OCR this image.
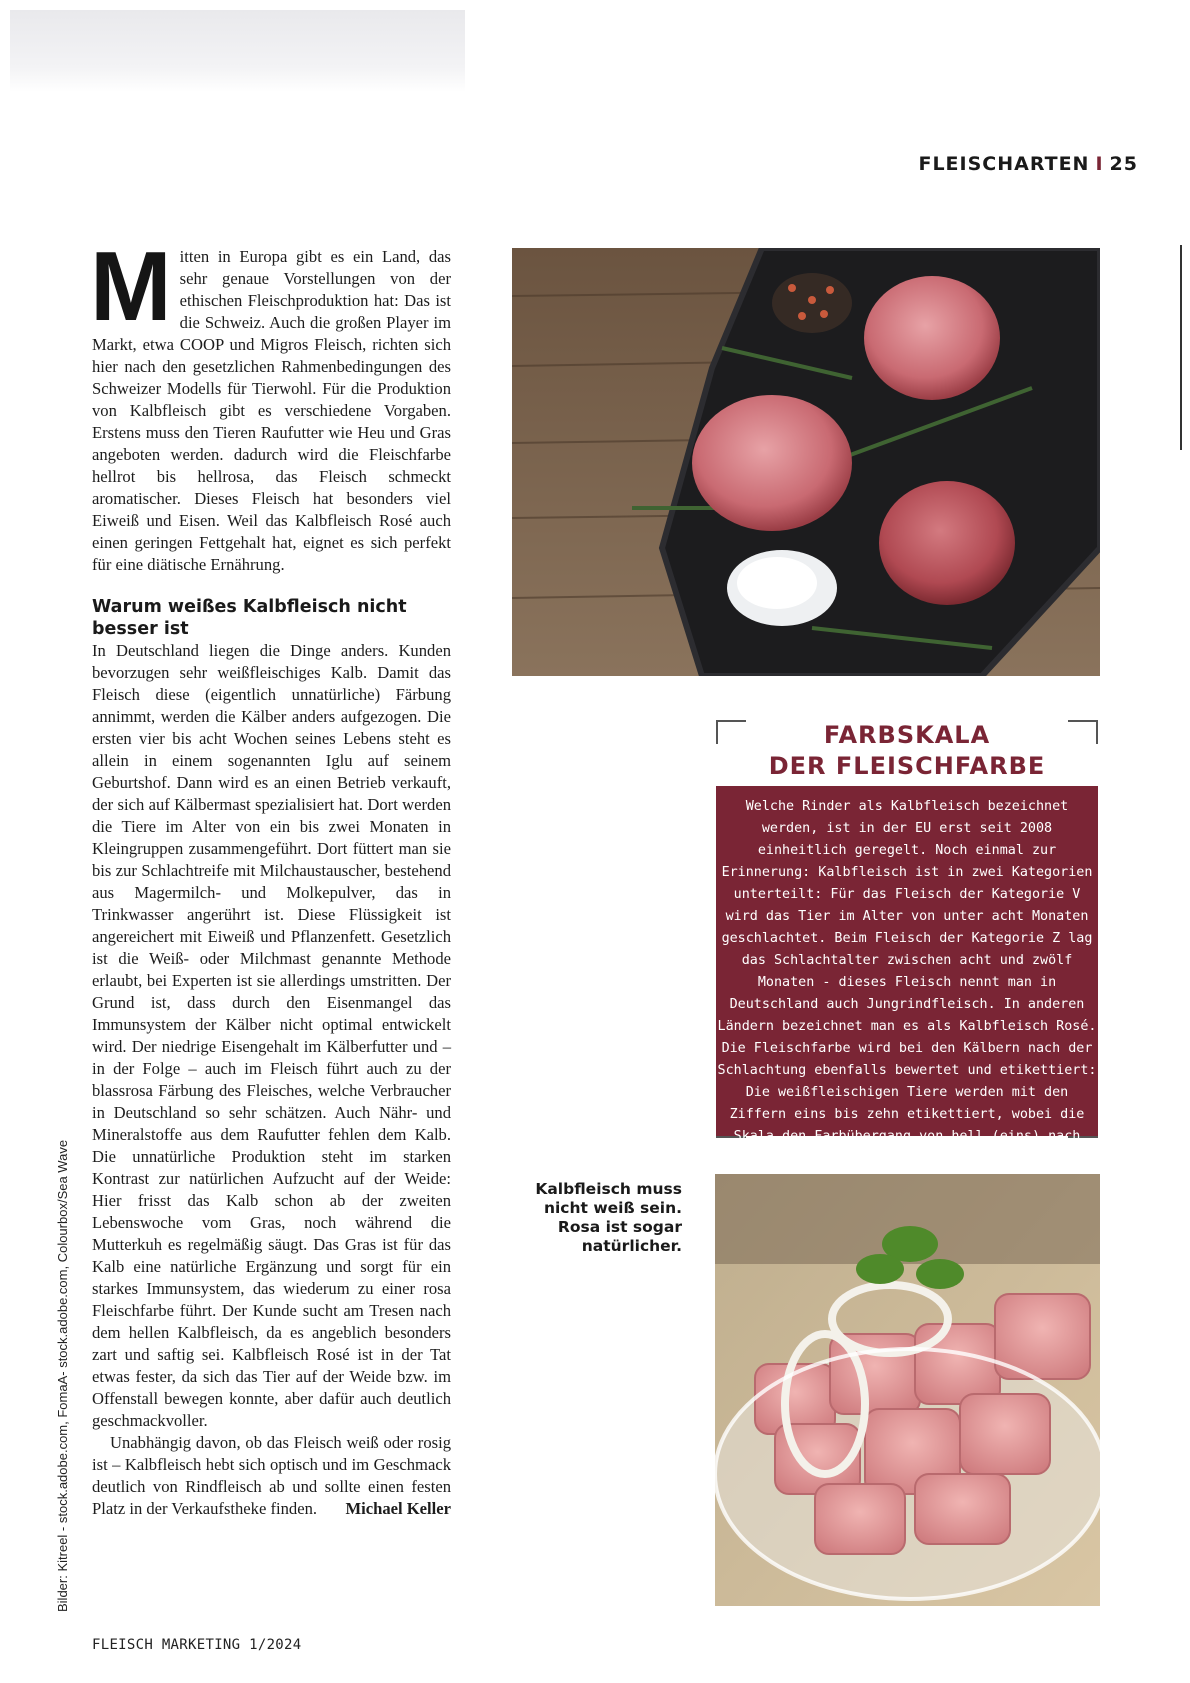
FLEISCHARTEN I 25

Mitten in Europa gibt es ein Land, das sehr genaue Vorstellungen von der ethischen Fleischproduktion hat: Das ist die Schweiz. Auch die großen Player im Markt, etwa COOP und Migros Fleisch, richten sich hier nach den gesetzlichen Rahmenbedingungen des Schweizer Modells für Tierwohl. Für die Produktion von Kalbfleisch gibt es verschiedene Vorgaben. Erstens muss den Tieren Raufutter wie Heu und Gras angeboten werden. dadurch wird die Fleischfarbe hellrot bis hellrosa, das Fleisch schmeckt aromatischer. Dieses Fleisch hat besonders viel Eiweiß und Eisen. Weil das Kalbfleisch Rosé auch einen geringen Fettgehalt hat, eignet es sich perfekt für eine diätische Ernährung.

Warum weißes Kalbfleisch nicht besser ist

In Deutschland liegen die Dinge anders. Kunden bevorzugen sehr weißfleischiges Kalb. Damit das Fleisch diese (eigentlich unnatürliche) Färbung annimmt, werden die Kälber anders aufgezogen. Die ersten vier bis acht Wochen seines Lebens steht es allein in einem sogenannten Iglu auf seinem Geburtshof. Dann wird es an einen Betrieb verkauft, der sich auf Kälbermast spezialisiert hat. Dort werden die Tiere im Alter von ein bis zwei Monaten in Kleingruppen zusammengeführt. Dort füttert man sie bis zur Schlachtreife mit Milchaustauscher, bestehend aus Magermilch- und Molkepulver, das in Trinkwasser angerührt ist. Diese Flüssigkeit ist angereichert mit Eiweiß und Pflanzenfett. Gesetzlich ist die Weiß- oder Milchmast genannte Methode erlaubt, bei Experten ist sie allerdings umstritten. Der Grund ist, dass durch den Eisenmangel das Immunsystem der Kälber nicht optimal entwickelt wird. Der niedrige Eisengehalt im Kälberfutter und – in der Folge – auch im Fleisch führt auch zu der blassrosa Färbung des Fleisches, welche Verbraucher in Deutschland so sehr schätzen. Auch Nähr- und Mineralstoffe aus dem Raufutter fehlen dem Kalb. Die unnatürliche Produktion steht im starken Kontrast zur natürlichen Aufzucht auf der Weide: Hier frisst das Kalb schon ab der zweiten Lebenswoche vom Gras, noch während die Mutterkuh es regelmäßig säugt. Das Gras ist für das Kalb eine natürliche Ergänzung und sorgt für ein starkes Immunsystem, das wiederum zu einer rosa Fleischfarbe führt. Der Kunde sucht am Tresen nach dem hellen Kalbfleisch, da es angeblich besonders zart und saftig sei. Kalbfleisch Rosé ist in der Tat etwas fester, da sich das Tier auf der Weide bzw. im Offenstall bewegen konnte, aber dafür auch deutlich geschmackvoller.

Unabhängig davon, ob das Fleisch weiß oder rosig ist – Kalbfleisch hebt sich optisch und im Geschmack deutlich von Rindfleisch ab und sollte einen festen Platz in der Verkaufstheke finden.	Michael Keller

FARBSKALA
DER FLEISCHFARBE
Welche Rinder als Kalbfleisch bezeichnet werden, ist in der EU erst seit 2008 einheitlich geregelt. Noch einmal zur Erinnerung: Kalbfleisch ist in zwei Kategorien unterteilt: Für das Fleisch der Kategorie V wird das Tier im Alter von unter acht Monaten geschlachtet. Beim Fleisch der Kategorie Z lag das Schlachtalter zwischen acht und zwölf Monaten - dieses Fleisch nennt man in Deutschland auch Jungrindfleisch. In anderen Ländern bezeichnet man es als Kalbfleisch Rosé. Die Fleischfarbe wird bei den Kälbern nach der Schlachtung ebenfalls bewertet und etikettiert: Die weißfleischigen Tiere werden mit den Ziffern eins bis zehn etikettiert, wobei die Skala den Farbübergang von hell (eins) nach dunkel (zehn) markiert. Das Jungrindfleisch
Kalbfleisch muss nicht weiß sein. Rosa ist sogar natürlicher.
Bilder: Kitreel - stock.adobe.com, FomaA- stock.adobe.com, Colourbox/Sea Wave
FLEISCH MARKETING 1/2024
